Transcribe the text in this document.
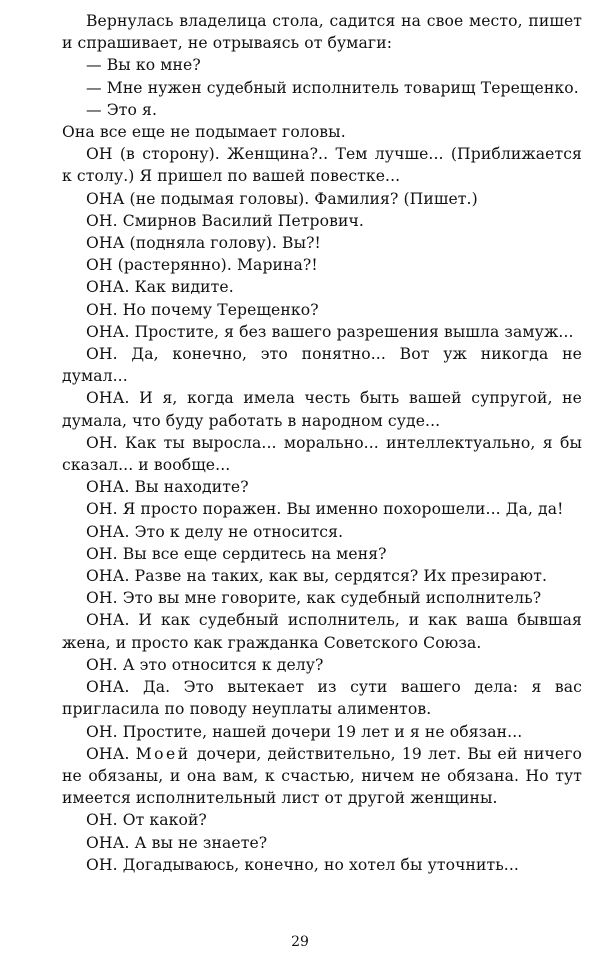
Вернулась владелица стола, садится на свое место, пишет и спрашивает, не отрываясь от бумаги:

— Вы ко мне?

— Мне нужен судебный исполнитель товарищ Терещенко.

— Это я.

Она все еще не подымает головы.

ОН (в сторону). Женщина?.. Тем лучше... (Приближается к столу.) Я пришел по вашей повестке...

ОНА (не подымая головы). Фамилия? (Пишет.)

ОН. Смирнов Василий Петрович.

ОНА (подняла голову). Вы?!

ОН (растерянно). Марина?!

ОНА. Как видите.

ОН. Но почему Терещенко?

ОНА. Простите, я без вашего разрешения вышла замуж...

ОН. Да, конечно, это понятно... Вот уж никогда не думал...

ОНА. И я, когда имела честь быть вашей супругой, не думала, что буду работать в народном суде...

ОН. Как ты выросла... морально... интеллектуально, я бы сказал... и вообще...

ОНА. Вы находите?

ОН. Я просто поражен. Вы именно похорошели... Да, да!

ОНА. Это к делу не относится.

ОН. Вы все еще сердитесь на меня?

ОНА. Разве на таких, как вы, сердятся? Их презирают.

ОН. Это вы мне говорите, как судебный исполнитель?

ОНА. И как судебный исполнитель, и как ваша бывшая жена, и просто как гражданка Советского Союза.

ОН. А это относится к делу?

ОНА. Да. Это вытекает из сути вашего дела: я вас пригласила по поводу неуплаты алиментов.

ОН. Простите, нашей дочери 19 лет и я не обязан...

ОНА. Моей дочери, действительно, 19 лет. Вы ей ничего не обязаны, и она вам, к счастью, ничем не обязана. Но тут имеется исполнительный лист от другой женщины.

ОН. От какой?

ОНА. А вы не знаете?

ОН. Догадываюсь, конечно, но хотел бы уточнить...

29
